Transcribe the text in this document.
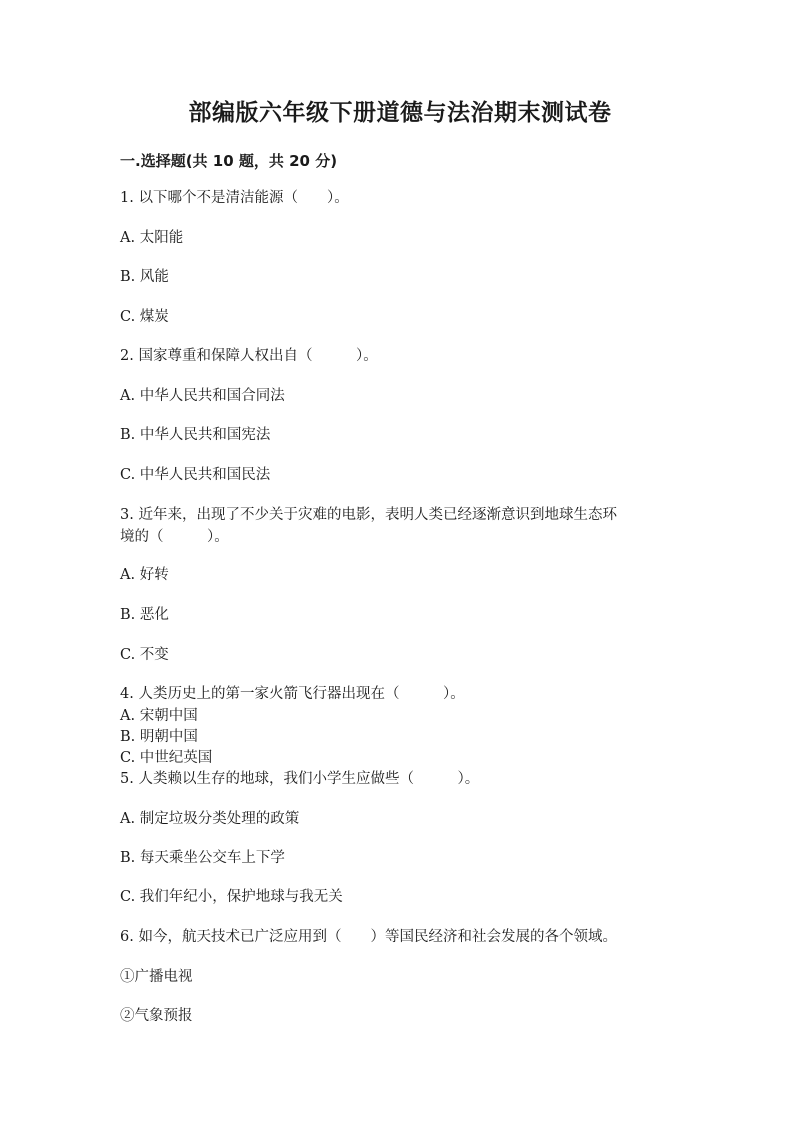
部编版六年级下册道德与法治期末测试卷
一.选择题(共 10 题，共 20 分)
1. 以下哪个不是清洁能源（　　）。
A. 太阳能
B. 风能
C. 煤炭
2. 国家尊重和保障人权出自（　　　）。
A. 中华人民共和国合同法
B. 中华人民共和国宪法
C. 中华人民共和国民法
3. 近年来，出现了不少关于灾难的电影，表明人类已经逐渐意识到地球生态环
境的（　　　）。
A. 好转
C. 不变
4. 人类历史上的第一家火箭飞行器出现在（　　　）。
A. 宋朝中国
B. 明朝中国
C. 中世纪英国
5. 人类赖以生存的地球，我们小学生应做些（　　　）。
A. 制定垃圾分类处理的政策
B. 每天乘坐公交车上下学
C. 我们年纪小，保护地球与我无关
6. 如今，航天技术已广泛应用到（　　）等国民经济和社会发展的各个领域。
①广播电视
②气象预报
B. 恶化
